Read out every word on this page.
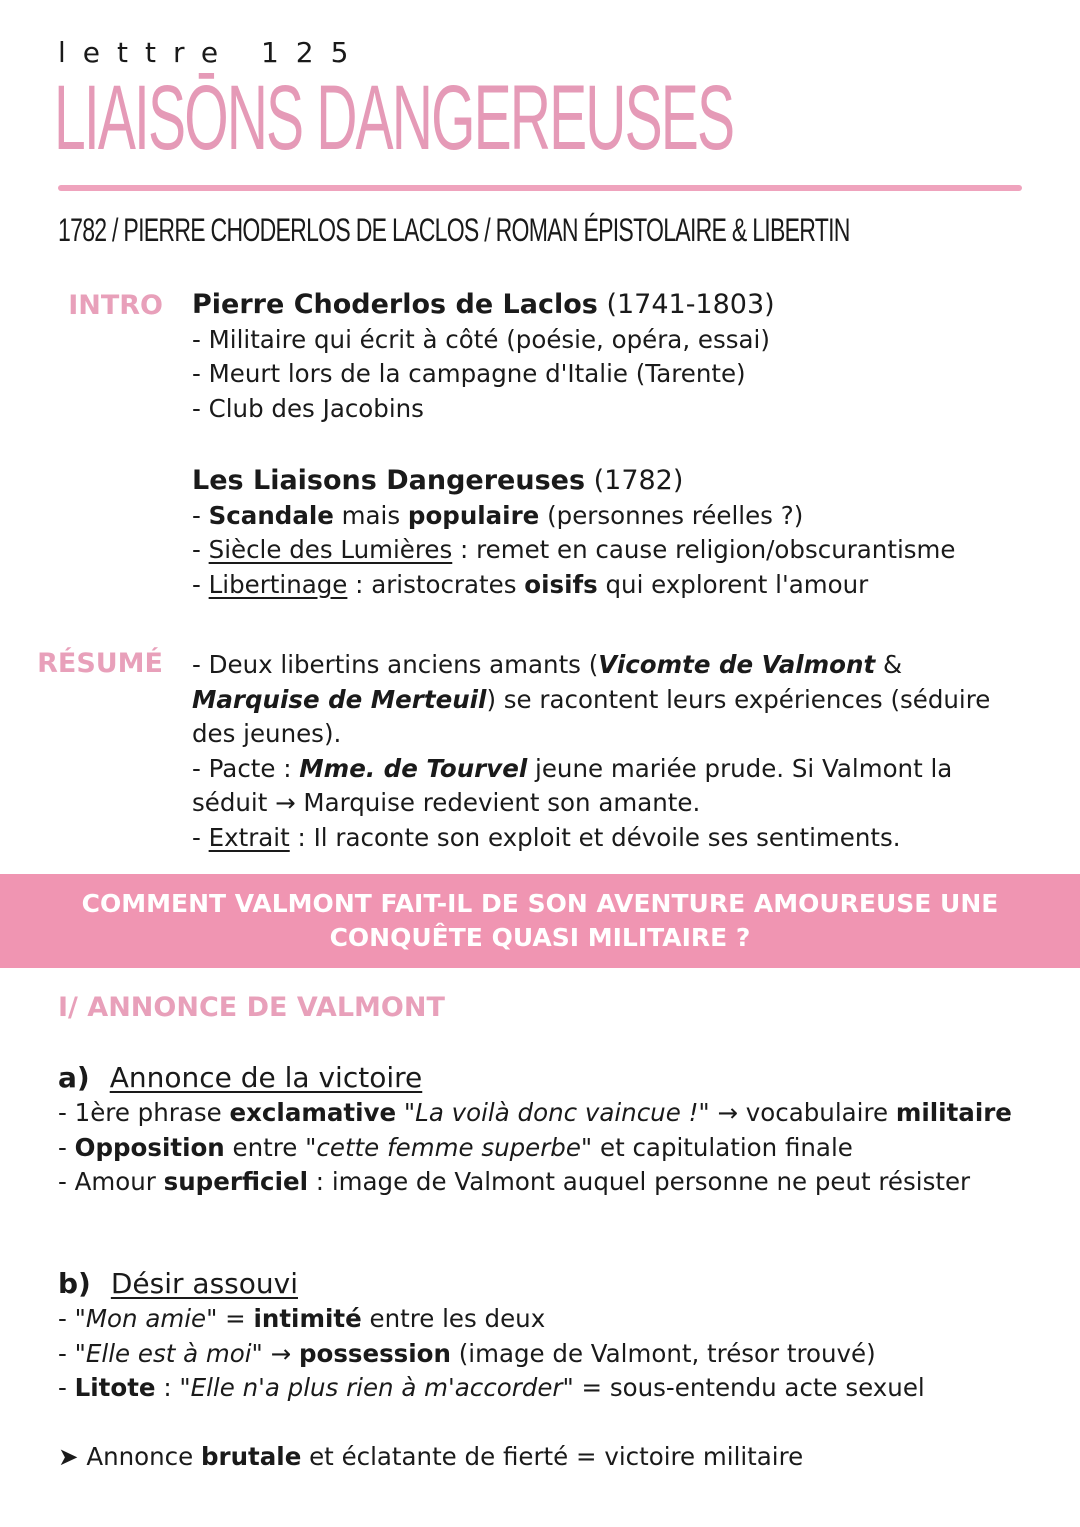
lettre 125
LIAISŌNS DANGEREUSES
1782 / PIERRE CHODERLOS DE LACLOS / ROMAN ÉPISTOLAIRE & LIBERTIN
INTRO Pierre Choderlos de Laclos (1741-1803)

- Militaire qui écrit à côté (poésie, opéra, essai)

- Meurt lors de la campagne d'Italie (Tarente)

- Club des Jacobins

Les Liaisons Dangereuses (1782)

- Scandale mais populaire (personnes réelles ?)

- Siècle des Lumières : remet en cause religion/obscurantisme

- Libertinage : aristocrates oisifs qui explorent l'amour

RÉSUMÉ - Deux libertins anciens amants (Vicomte de Valmont & Marquise de Merteuil) se racontent leurs expériences (séduire des jeunes).

- Pacte : Mme. de Tourvel jeune mariée prude. Si Valmont la séduit → Marquise redevient son amante.

- Extrait : Il raconte son exploit et dévoile ses sentiments.

COMMENT VALMONT FAIT-IL DE SON AVENTURE AMOUREUSE UNE
CONQUÊTE QUASI MILITAIRE ?
I/ ANNONCE DE VALMONT

a) Annonce de la victoire

- 1ère phrase exclamative "La voilà donc vaincue !" → vocabulaire militaire

- Opposition entre "cette femme superbe" et capitulation finale

- Amour superficiel : image de Valmont auquel personne ne peut résister

b) Désir assouvi

- "Mon amie" = intimité entre les deux

- "Elle est à moi" → possession (image de Valmont, trésor trouvé)

- Litote : "Elle n'a plus rien à m'accorder" = sous-entendu acte sexuel

➤ Annonce brutale et éclatante de fierté = victoire militaire
